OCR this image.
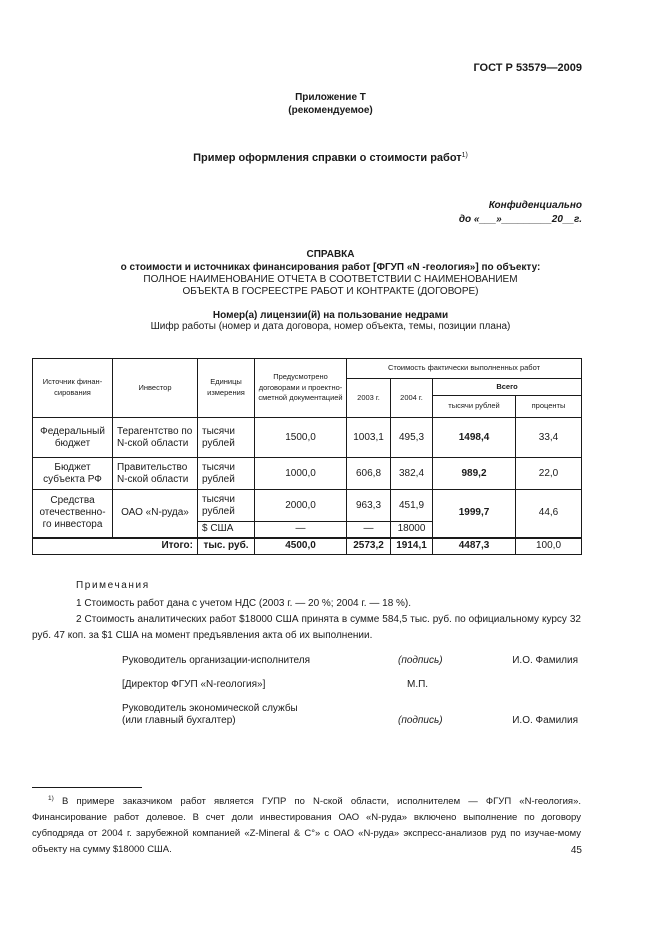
ГОСТ Р 53579—2009
Приложение Т
(рекомендуемое)
Пример оформления справки о стоимости работ$^{1)}$
Конфиденциально
до «___»_________20__г.
СПРАВКА
о стоимости и источниках финансирования работ [ФГУП «N -геология»] по объекту:
ПОЛНОЕ НАИМЕНОВАНИЕ ОТЧЕТА В СООТВЕТСТВИИ С НАИМЕНОВАНИЕМ
ОБЪЕКТА В ГОСРЕЕСТРЕ РАБОТ И КОНТРАКТЕ (ДОГОВОРЕ)
Номер(а) лицензии(й) на пользование недрами
Шифр работы (номер и дата договора, номер объекта, темы, позиции плана)
Источник финан-сирования	Инвестор	Единицы измерения	Предусмотрено договорами и проектно-сметной документацией	Стоимость фактически выполненных работ			
				2003 г.	2004 г.	Всего	
						тысячи рублей	проценты
Федеральный бюджет	Терагентство по N-ской области	тысячи рублей	1500,0	1003,1	495,3	1498,4	33,4
Бюджет субъекта РФ	Правительство N-ской области	тысячи рублей	1000,0	606,8	382,4	989,2	22,0
Средства отечественно-го инвестора	ОАО «N-руда»	тысячи рублей	2000,0	963,3	451,9	1999,7	44,6
		$ США	—	—	18000		
Итого:		тыс. руб.	4500,0	2573,2	1914,1	4487,3	100,0
Примечания
1 Стоимость работ дана с учетом НДС (2003 г. — 20 %; 2004 г. — 18 %).
2 Стоимость аналитических работ $18000 США принята в сумме 584,5 тыс. руб. по официальному курсу 32 руб. 47 коп. за $1 США на момент предъявления акта об их выполнении.
Руководитель организации-исполнителя	(подпись)	И.О. Фамилия
[Директор ФГУП «N-геология»]	М.П.
Руководитель экономической службы
(или главный бухгалтер)	(подпись)	И.О. Фамилия
$^{1)}$ В примере заказчиком работ является ГУПР по N-ской области, исполнителем — ФГУП «N-геология». Финансирование работ долевое. В счет доли инвестирования ОАО «N-руда» включено выполнение по договору субподряда от 2004 г. зарубежной компанией «Z-Mineral & C°» с ОАО «N-руда» экспресс-анализов руд по изучае-мому объекту на сумму $18000 США.	45
